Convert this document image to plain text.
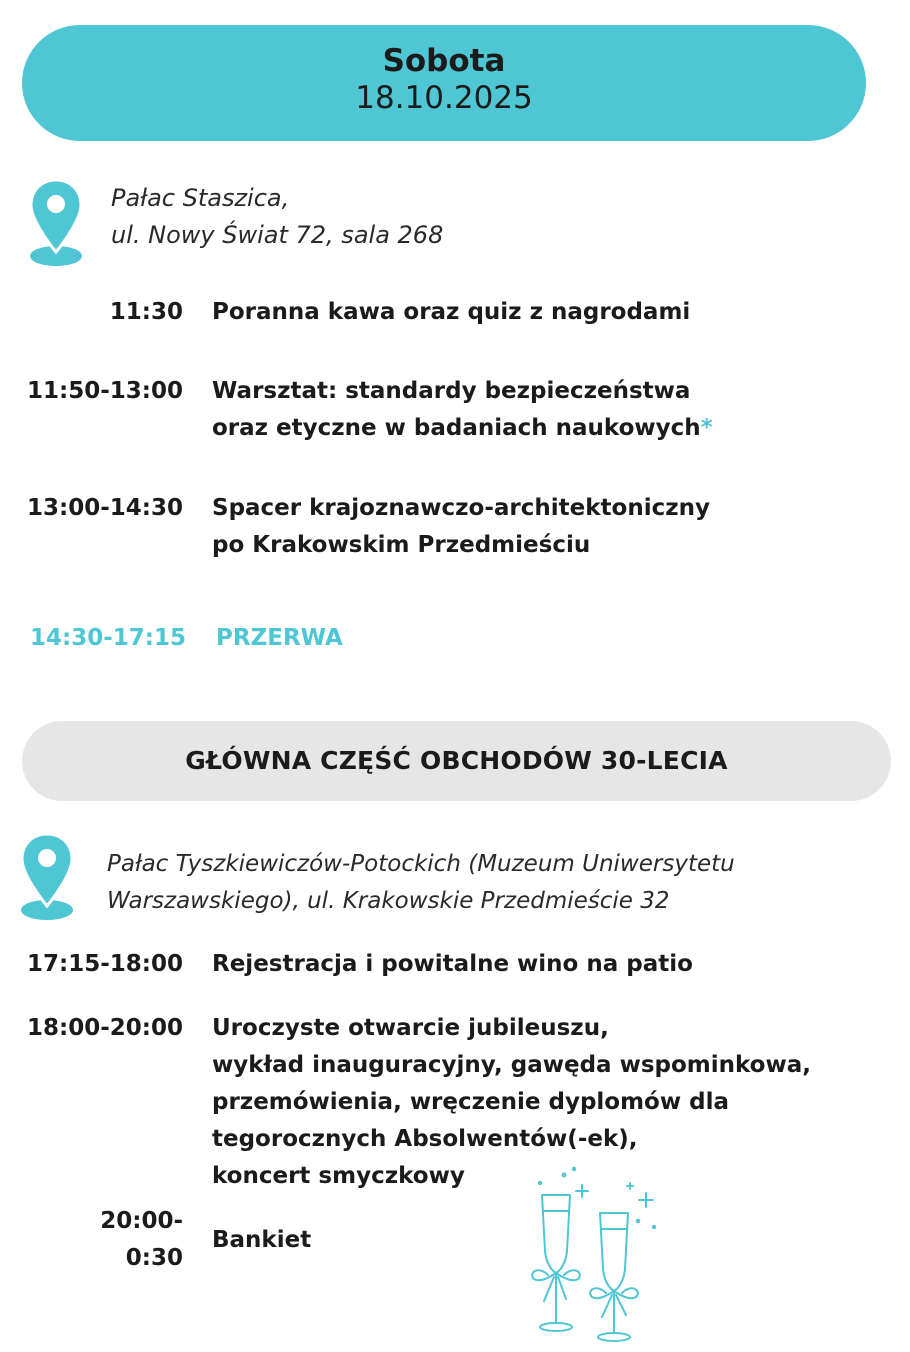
Sobota
18.10.2025
Pałac Staszica,
ul. Nowy Świat 72, sala 268
11:30 Poranna kawa oraz quiz z nagrodami
11:50-13:00 Warsztat: standardy bezpieczeństwa
oraz etyczne w badaniach naukowych*
13:00-14:30 Spacer krajoznawczo-architektoniczny
po Krakowskim Przedmieściu
14:30-17:15	PRZERWA
GŁÓWNA CZĘŚĆ OBCHODÓW 30-LECIA
Pałac Tyszkiewiczów-Potockich (Muzeum Uniwersytetu
Warszawskiego), ul. Krakowskie Przedmieście 32
17:15-18:00 Rejestracja i powitalne wino na patio
18:00-20:00 Uroczyste otwarcie jubileuszu,
wykład inauguracyjny, gawęda wspominkowa,
przemówienia, wręczenie dyplomów dla
tegorocznych Absolwentów(-ek),
koncert smyczkowy
20:00-
0:30
Bankiet
